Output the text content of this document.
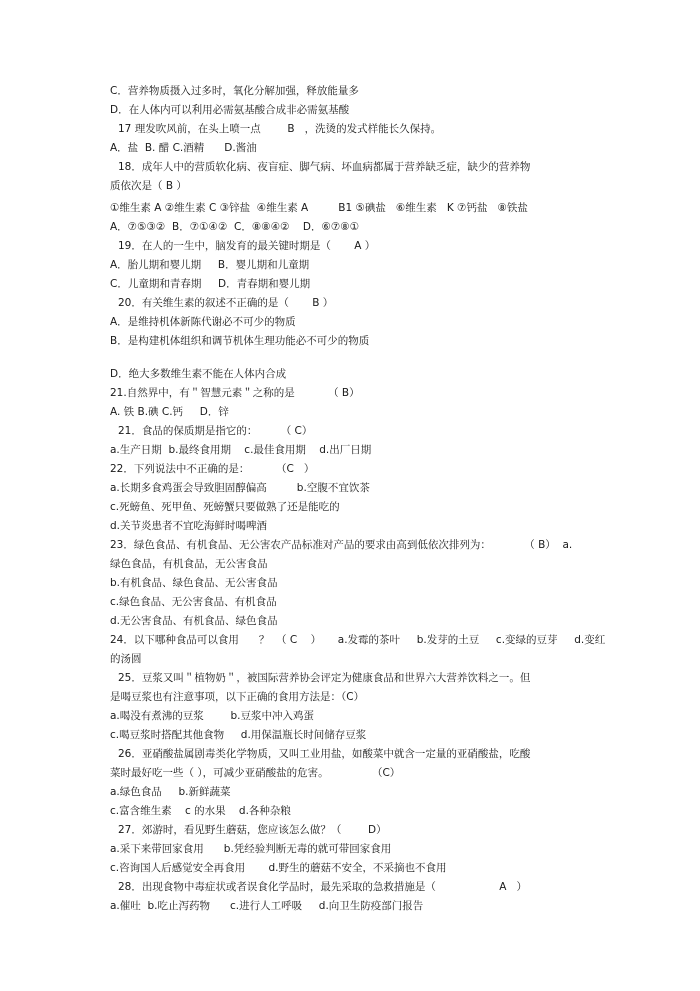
C．营养物质摄入过多时，氧化分解加强，释放能量多
D．在人体内可以利用必需氨基酸合成非必需氨基酸
17 理发吹风前，在头上喷一点        B   ，洗烫的发式样能长久保持。
A．盐  B. 醋 C.酒精      D.酱油
18．成年人中的营质软化病、夜盲症、脚气病、坏血病都属于营养缺乏症，缺少的营养物
质依次是（ B ）
①维生素 A ②维生素 C ③锌盐  ④维生素 A         B1 ⑤碘盐   ⑥维生素   K ⑦钙盐   ⑧铁盐
A．⑦⑤③②  B．⑦①④②  C．⑧⑧④②    D．⑥⑦⑧①
19．在人的一生中，脑发育的最关键时期是（       A ）
A．胎儿期和婴儿期     B．婴儿期和儿童期
C．儿童期和青春期     D．青春期和婴儿期
20．有关维生素的叙述不正确的是（       B ）
A．是维持机体新陈代谢必不可少的物质
B．是构建机体组织和调节机体生理功能必不可少的物质
D．绝大多数维生素不能在人体内合成
21.自然界中，有＂智慧元素＂之称的是          （ B）
A. 铁 B.碘 C.钙     D．锌
21．食品的保质期是指它的：       （ C）
a.生产日期  b.最终食用期    c.最佳食用期    d.出厂日期
22．下列说法中不正确的是：        （C   ）
a.长期多食鸡蛋会导致胆固醇偏高         b.空腹不宜饮茶
c.死螃鱼、死甲鱼、死螃蟹只要做熟了还是能吃的
d.关节炎患者不宜吃海鲜时喝啤酒
23．绿色食品、有机食品、无公害农产品标准对产品的要求由高到低依次排列为：          （ B）  a.
绿色食品，有机食品，无公害食品
b.有机食品、绿色食品、无公害食品
c.绿色食品、无公害食品、有机食品
d.无公害食品、有机食品、绿色食品
24．以下哪种食品可以食用      ？  （ C    ）     a.发霉的茶叶     b.发芽的土豆     c.变绿的豆芽     d.变红
的汤圆
25．豆浆又叫＂植物奶＂，被国际营养协会评定为健康食品和世界六大营养饮料之一。但
是喝豆浆也有注意事项，以下正确的食用方法是：（C）
a.喝没有煮沸的豆浆        b.豆浆中冲入鸡蛋
c.喝豆浆时搭配其他食物     d.用保温瓶长时间储存豆浆
26．亚硝酸盐属剧毒类化学物质，又叫工业用盐，如酸菜中就含一定量的亚硝酸盐，吃酸
菜时最好吃一些（ ），可减少亚硝酸盐的危害。             （C）
a.绿色食品     b.新鲜蔬菜
c.富含维生素    c 的水果    d.各种杂粮
27．郊游时，看见野生蘑菇，您应该怎么做？（        D）
a.采下来带回家食用      b.凭经验判断无毒的就可带回家食用
c.咨询国人后感觉安全再食用       d.野生的蘑菇不安全，不采摘也不食用
28．出现食物中毒症状或者误食化学品时，最先采取的急救措施是（                   A   ）
a.催吐  b.吃止泻药物      c.进行人工呼吸     d.向卫生防疫部门报告
